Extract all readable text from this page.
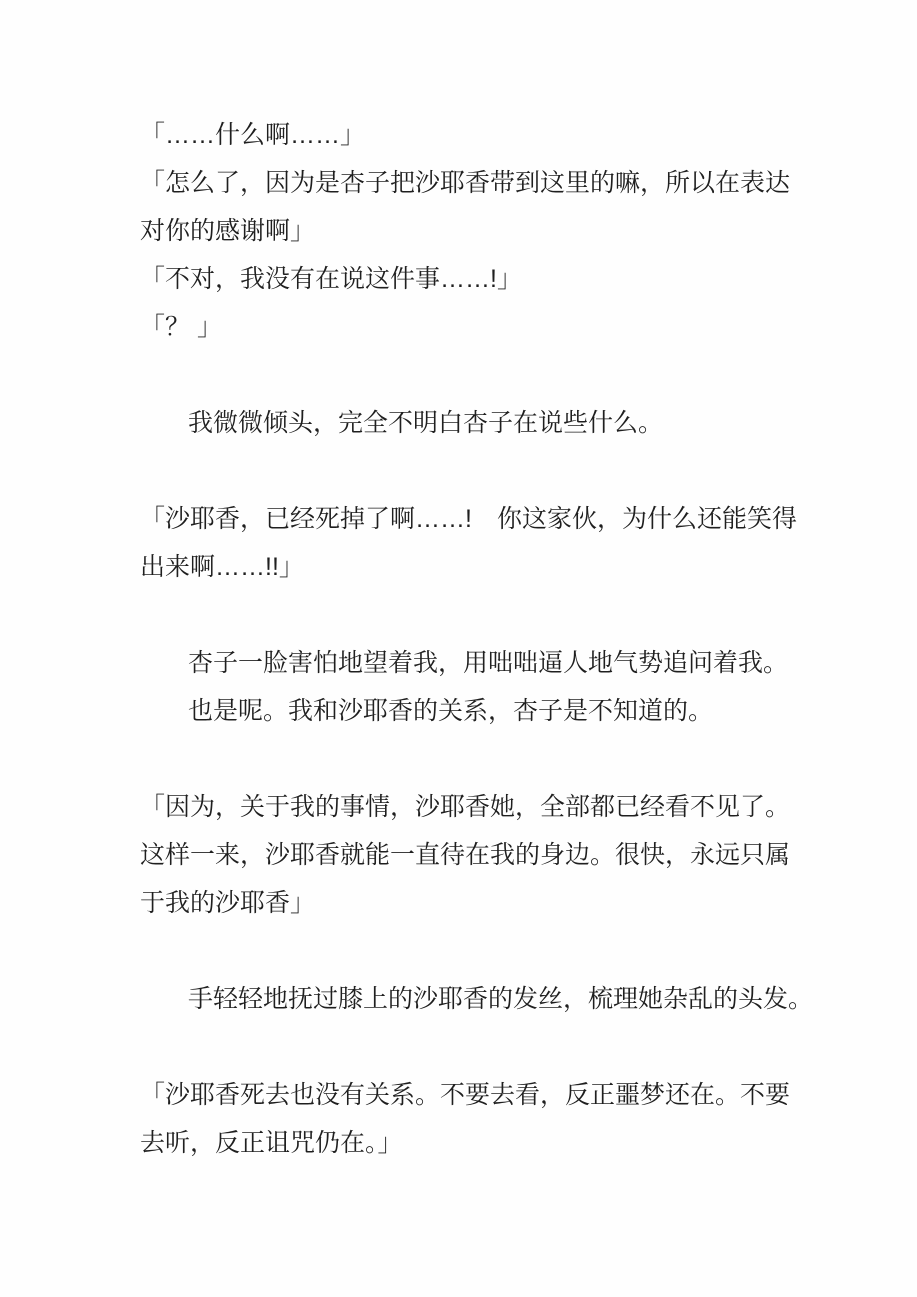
「……什么啊……」
「怎么了，因为是杏子把沙耶香带到这里的嘛，所以在表达
对你的感谢啊」
「不对，我没有在说这件事……!」
「？ 」
我微微倾头，完全不明白杏子在说些什么。
「沙耶香，已经死掉了啊……!　你这家伙，为什么还能笑得
出来啊……!!」
杏子一脸害怕地望着我，用咄咄逼人地气势追问着我。
也是呢。我和沙耶香的关系，杏子是不知道的。
「因为，关于我的事情，沙耶香她，全部都已经看不见了。
这样一来，沙耶香就能一直待在我的身边。很快，永远只属
于我的沙耶香」
手轻轻地抚过膝上的沙耶香的发丝，梳理她杂乱的头发。
「沙耶香死去也没有关系。不要去看，反正噩梦还在。不要
去听，反正诅咒仍在。」
